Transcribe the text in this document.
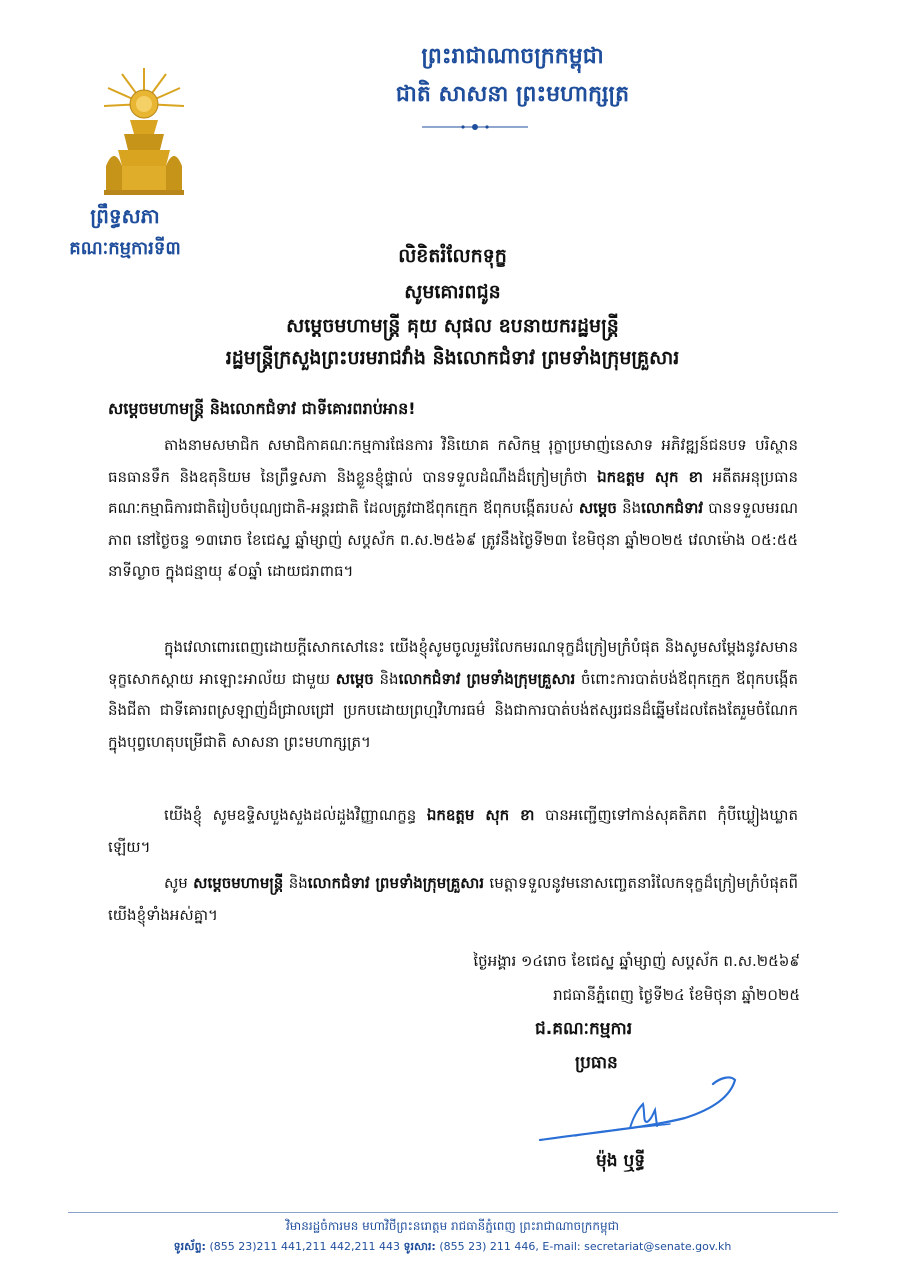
ព្រះរាជាណាចក្រកម្ពុជា
ជាតិ សាសនា ព្រះមហាក្សត្រ
ព្រឹទ្ធសភា
គណៈកម្មការទី៣	លិខិតរំលែកទុក្ខ
សូមគោរពជូន
សម្តេចមហាមន្ត្រី គុយ សុផល ឧបនាយករដ្ឋមន្ត្រី
រដ្ឋមន្ត្រីក្រសួងព្រះបរមរាជវាំង និងលោកជំទាវ ព្រមទាំងក្រុមគ្រួសារ
សម្តេចមហាមន្ត្រី និងលោកជំទាវ ជាទីគោរពរាប់អាន!
តាងនាមសមាជិក សមាជិកាគណៈកម្មការផែនការ វិនិយោគ កសិកម្ម រុក្ខាប្រមាញ់នេសាទ អភិវឌ្ឍន៍ជនបទ បរិស្ថាន ធនធានទឹក និងឧតុនិយម នៃព្រឹទ្ធសភា និងខ្លួនខ្ញុំផ្ទាល់ បានទទួលដំណឹងដ៏ក្រៀមក្រំថា ឯកឧត្តម សុក ខា អតីតអនុប្រធានគណៈកម្មាធិការជាតិរៀបចំបុណ្យជាតិ-អន្តរជាតិ ដែលត្រូវជាឪពុកក្មេក ឪពុកបង្កើតរបស់ សម្តេច និងលោកជំទាវ បានទទួលមរណភាព នៅថ្ងៃចន្ទ ១៣រោច ខែជេស្ឋ ឆ្នាំម្សាញ់ សប្តស័ក ព.ស.២៥៦៩ ត្រូវនឹងថ្ងៃទី២៣ ខែមិថុនា ឆ្នាំ២០២៥ វេលាម៉ោង ០៥:៥៥ នាទីល្ងាច ក្នុងជន្មាយុ ៩០ឆ្នាំ ដោយជរាពាធ។
ក្នុងវេលាពោរពេញដោយក្តីសោកសៅនេះ យើងខ្ញុំសូមចូលរួមរំលែកមរណទុក្ខដ៏ក្រៀមក្រំបំផុត និងសូមសម្តែងនូវសមានទុក្ខសោកស្តាយ អាឡោះអាល័យ ជាមួយ សម្តេច និងលោកជំទាវ ព្រមទាំងក្រុមគ្រួសារ ចំពោះការបាត់បង់ឪពុកក្មេក ឪពុកបង្កើត និងជីតា ជាទីគោរពស្រឡាញ់ដ៏ជ្រាលជ្រៅ ប្រកបដោយព្រហ្មវិហារធម៌ និងជាការបាត់បង់ឥស្សរជនដ៏ឆ្នើមដែលតែងតែរួមចំណែកក្នុងបុព្វហេតុបម្រើជាតិ សាសនា ព្រះមហាក្សត្រ។
យើងខ្ញុំ សូមឧទ្ទិសបួងសួងដល់ដួងវិញ្ញាណក្ខន្ធ ឯកឧត្តម សុក ខា បានអញ្ជើញទៅកាន់សុគតិភព កុំបីឃ្លៀងឃ្លាតឡើយ។
សូម សម្តេចមហាមន្ត្រី និងលោកជំទាវ ព្រមទាំងក្រុមគ្រួសារ មេត្តាទទួលនូវមនោសញ្ចេតនារំលែកទុក្ខដ៏ក្រៀមក្រំបំផុតពីយើងខ្ញុំទាំងអស់គ្នា។
ថ្ងៃអង្គារ ១៤រោច ខែជេស្ឋ ឆ្នាំម្សាញ់ សប្តស័ក ព.ស.២៥៦៩
រាជធានីភ្នំពេញ ថ្ងៃទី២៤ ខែមិថុនា ឆ្នាំ២០២៥
ជ.គណៈកម្មការ
ប្រធាន
ម៉ុង ឬទ្ធី
វិមានរដ្ឋចំការមន មហាវិថីព្រះនរោត្តម រាជធានីភ្នំពេញ ព្រះរាជាណាចក្រកម្ពុជា
ទូរស័ព្ទ: (855 23)211 441,211 442,211 443 ទូរសារ: (855 23) 211 446, E-mail: secretariat@senate.gov.kh
